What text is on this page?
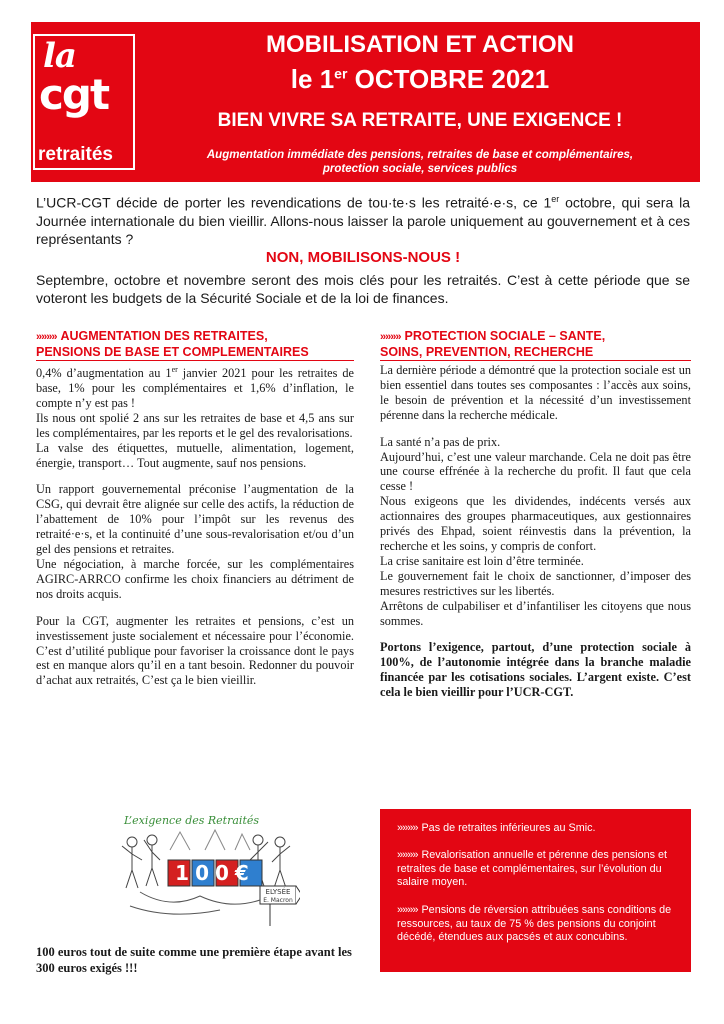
la
cgt
retraités
MOBILISATION ET ACTION
le 1er OCTOBRE 2021
BIEN VIVRE SA RETRAITE, UNE EXIGENCE !
Augmentation immédiate des pensions, retraites de base et complémentaires,
protection sociale, services publics
L’UCR-CGT décide de porter les revendications de tou·te·s les retraité·e·s, ce 1er octobre, qui sera la Journée internationale du bien vieillir. Allons-nous laisser la parole uniquement au gouvernement et à ces représentants ?
NON, MOBILISONS-NOUS !
Septembre, octobre et novembre seront des mois clés pour les retraités. C’est à cette période que se voteront les budgets de la Sécurité Sociale et de la loi de finances.
»»»» AUGMENTATION DES RETRAITES,
PENSIONS DE BASE ET COMPLEMENTAIRES

0,4% d’augmentation au 1er janvier 2021 pour les retraites de base, 1% pour les complémentaires et 1,6% d’inflation, le compte n’y est pas !
Ils nous ont spolié 2 ans sur les retraites de base et 4,5 ans sur les complémentaires, par les reports et le gel des revalorisations.
La valse des étiquettes, mutuelle, alimentation, logement, énergie, transport… Tout augmente, sauf nos pensions.

Un rapport gouvernemental préconise l’augmentation de la CSG, qui devrait être alignée sur celle des actifs, la réduction de l’abattement de 10% pour l’impôt sur les revenus des retraité·e·s, et la continuité d’une sous-revalorisation et/ou d’un gel des pensions et retraites.
Une négociation, à marche forcée, sur les complémentaires AGIRC-ARRCO confirme les choix financiers au détriment de nos droits acquis.

Pour la CGT, augmenter les retraites et pensions, c’est un investissement juste socialement et nécessaire pour l’économie. C’est d’utilité publique pour favoriser la croissance dont le pays est en manque alors qu’il en a tant besoin. Redonner du pouvoir d’achat aux retraités, C’est ça le bien vieillir.

L’exigence des Retraités
100€
ELYSÉE
E. Macron
100 euros tout de suite comme une première étape avant les 300 euros exigés !!!
»»»» PROTECTION SOCIALE – SANTE,
SOINS, PREVENTION, RECHERCHE

La dernière période a démontré que la protection sociale est un bien essentiel dans toutes ses composantes : l’accès aux soins, le besoin de prévention et la nécessité d’un investissement pérenne dans la recherche médicale.

La santé n’a pas de prix.
Aujourd’hui, c’est une valeur marchande. Cela ne doit pas être une course effrénée à la recherche du profit. Il faut que cela cesse !
Nous exigeons que les dividendes, indécents versés aux actionnaires des groupes pharmaceutiques, aux gestionnaires privés des Ehpad, soient réinvestis dans la prévention, la recherche et les soins, y compris de confort.
La crise sanitaire est loin d’être terminée.
Le gouvernement fait le choix de sanctionner, d’imposer des mesures restrictives sur les libertés.
Arrêtons de culpabiliser et d’infantiliser les citoyens que nous sommes.

Portons l’exigence, partout, d’une protection sociale à 100%, de l’autonomie intégrée dans la branche maladie financée par les cotisations sociales. L’argent existe. C’est cela le bien vieillir pour l’UCR-CGT.

»»»» Pas de retraites inférieures au Smic.
»»»» Revalorisation annuelle et pérenne des pensions et retraites de base et complémentaires, sur l’évolution du salaire moyen.
»»»» Pensions de réversion attribuées sans conditions de ressources, au taux de 75 % des pensions du conjoint décédé, étendues aux pacsés et aux concubins.
